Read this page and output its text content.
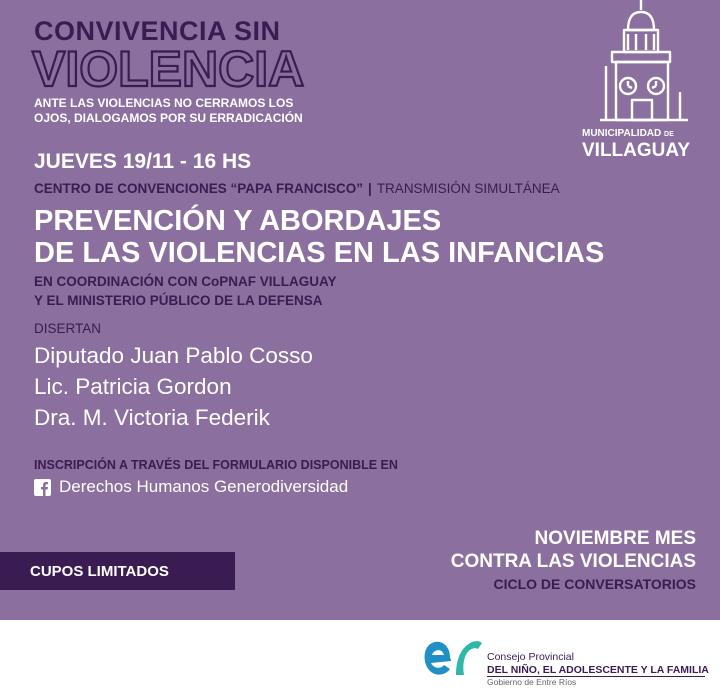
CONVIVENCIA SIN
VIOLENCIA
ANTE LAS VIOLENCIAS NO CERRAMOS LOS
OJOS, DIALOGAMOS POR SU ERRADICACIÓN
MUNICIPALIDAD DE
VILLAGUAY
JUEVES 19/11 - 16 HS
CENTRO DE CONVENCIONES “PAPA FRANCISCO” | TRANSMISIÓN SIMULTÁNEA
PREVENCIÓN Y ABORDAJES
DE LAS VIOLENCIAS EN LAS INFANCIAS
EN COORDINACIÓN CON CoPNAF VILLAGUAY
Y EL MINISTERIO PÚBLICO DE LA DEFENSA
DISERTAN
Diputado Juan Pablo Cosso
Lic. Patricia Gordon
Dra. M. Victoria Federik
INSCRIPCIÓN A TRAVÉS DEL FORMULARIO DISPONIBLE EN
Derechos Humanos Generodiversidad
CUPOS LIMITADOS
NOVIEMBRE MES
CONTRA LAS VIOLENCIAS
CICLO DE CONVERSATORIOS
Consejo Provincial
DEL NIÑO, EL ADOLESCENTE Y LA FAMILIA
Gobierno de Entre Ríos
